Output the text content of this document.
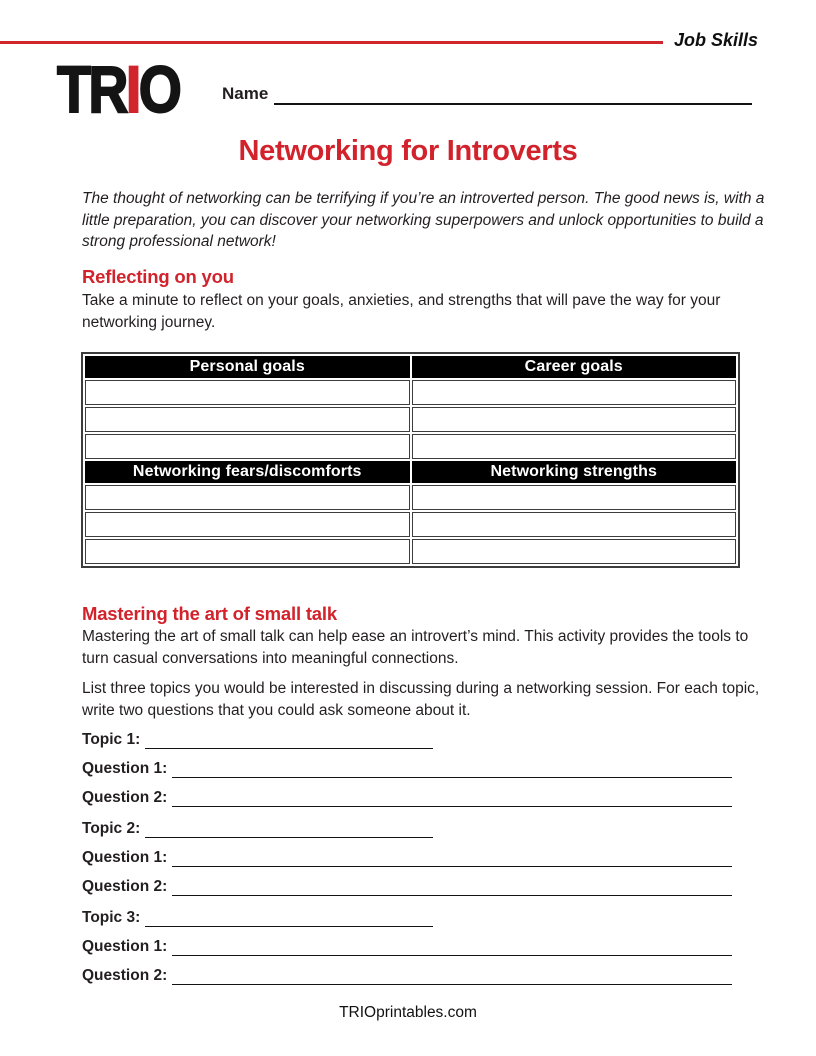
Job Skills
TRIO	Name
Networking for Introverts
The thought of networking can be terrifying if you’re an introverted person. The good news is, with a
little preparation, you can discover your networking superpowers and unlock opportunities to build a
strong professional network!
Reflecting on you
Take a minute to reflect on your goals, anxieties, and strengths that will pave the way for your
networking journey.
Personal goals	Career goals

Networking fears/discomforts	Networking strengths

Mastering the art of small talk
Mastering the art of small talk can help ease an introvert’s mind. This activity provides the tools to
turn casual conversations into meaningful connections.
List three topics you would be interested in discussing during a networking session. For each topic,
write two questions that you could ask someone about it.
Topic 1:
Question 1:
Question 2:
Topic 2:
Question 1:
Question 2:
Topic 3:
Question 1:
Question 2:
TRIOprintables.com
